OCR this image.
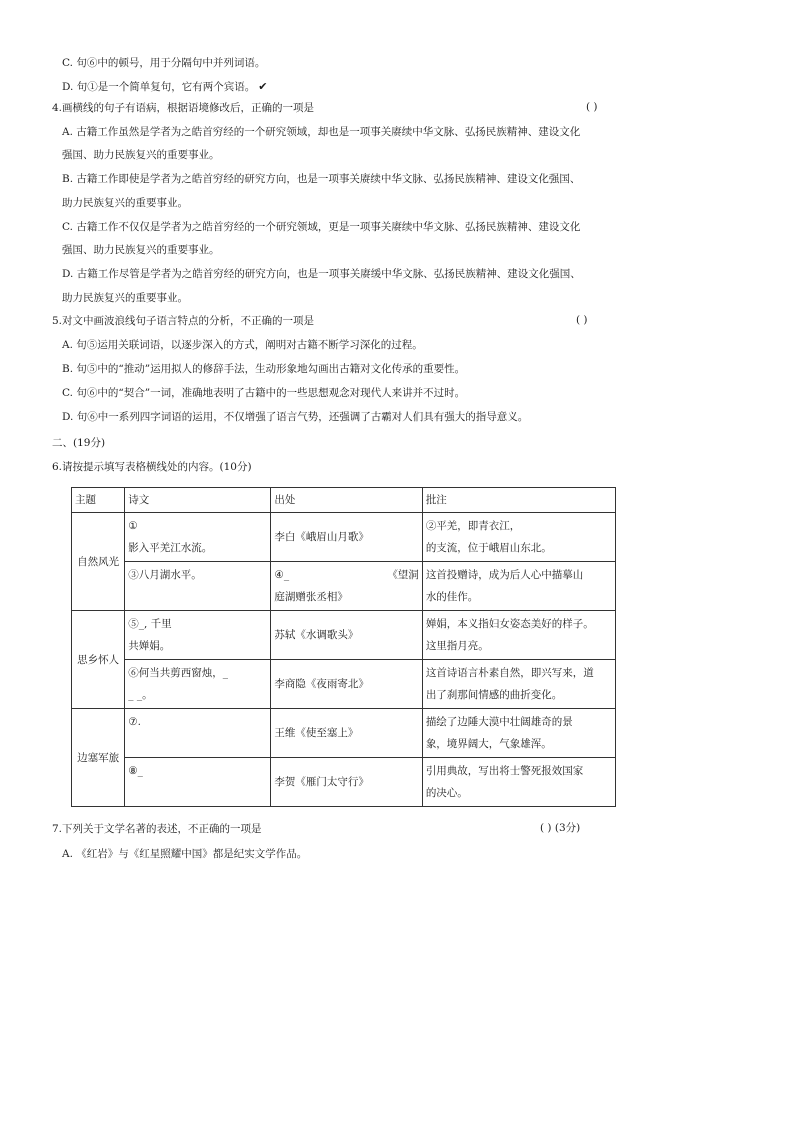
C. 句⑥中的顿号，用于分隔句中并列词语。
D. 句①是一个简单复句，它有两个宾语。 ✔
4.画横线的句子有语病，根据语境修改后，正确的一项是	( )
A. 古籍工作虽然是学者为之皓首穷经的一个研究领域，却也是一项事关赓续中华文脉、弘扬民族精神、建设文化
强国、助力民族复兴的重要事业。
B. 古籍工作即使是学者为之皓首穷经的研究方向，也是一项事关赓续中华文脉、弘扬民族精神、建设文化强国、
助力民族复兴的重要事业。
C. 古籍工作不仅仅是学者为之皓首穷经的一个研究领域，更是一项事关赓续中华文脉、弘扬民族精神、建设文化
强国、助力民族复兴的重要事业。
D. 古籍工作尽管是学者为之皓首穷经的研究方向，也是一项事关赓缓中华文脉、弘扬民族精神、建设文化强国、
助力民族复兴的重要事业。
5.对文中画波浪线句子语言特点的分析，不正确的一项是	( )
A. 句⑤运用关联词语，以逐步深入的方式，阐明对古籍不断学习深化的过程。
B. 句⑤中的“推动”运用拟人的修辞手法，生动形象地勾画出古籍对文化传承的重要性。
C. 句⑥中的“契合”一词，准确地表明了古籍中的一些思想观念对现代人来讲并不过时。
D. 句⑥中一系列四字词语的运用，不仅增强了语言气势，还强调了古霸对人们具有强大的指导意义。
二、(19分)
6.请按提示填写表格横线处的内容。(10分)
主题	诗文	出处	批注
自然风光	①
影入平羌江水流。	李白《峨眉山月歌》	②平羌，即青衣江，
的支流，位于峨眉山东北。

	③八月湖水平。	④_ 《望洞
庭湖赠张丞相》	这首投赠诗，成为后人心中描摹山
水的佳作。

思乡怀人	⑤_, 千里
共婵娟。	苏轼《水调歌头》	婵娟，本义指妇女姿态美好的样子。
这里指月亮。

	⑥何当共剪西窗烛，_
_ _。	李商隐《夜雨寄北》	这首诗语言朴素自然，即兴写来，道
出了刹那间情感的曲折变化。

边塞军旅	⑦.	王维《使至塞上》	描绘了边陲大漠中壮阔雄奇的景
象，境界阔大，气象雄浑。

	⑧_	李贺《雁门太守行》	引用典故，写出将士警死报效国家
的决心。
7.下列关于文学名著的表述，不正确的一项是	( ) (3分)
A. 《红岩》与《红星照耀中国》都是纪实文学作品。
